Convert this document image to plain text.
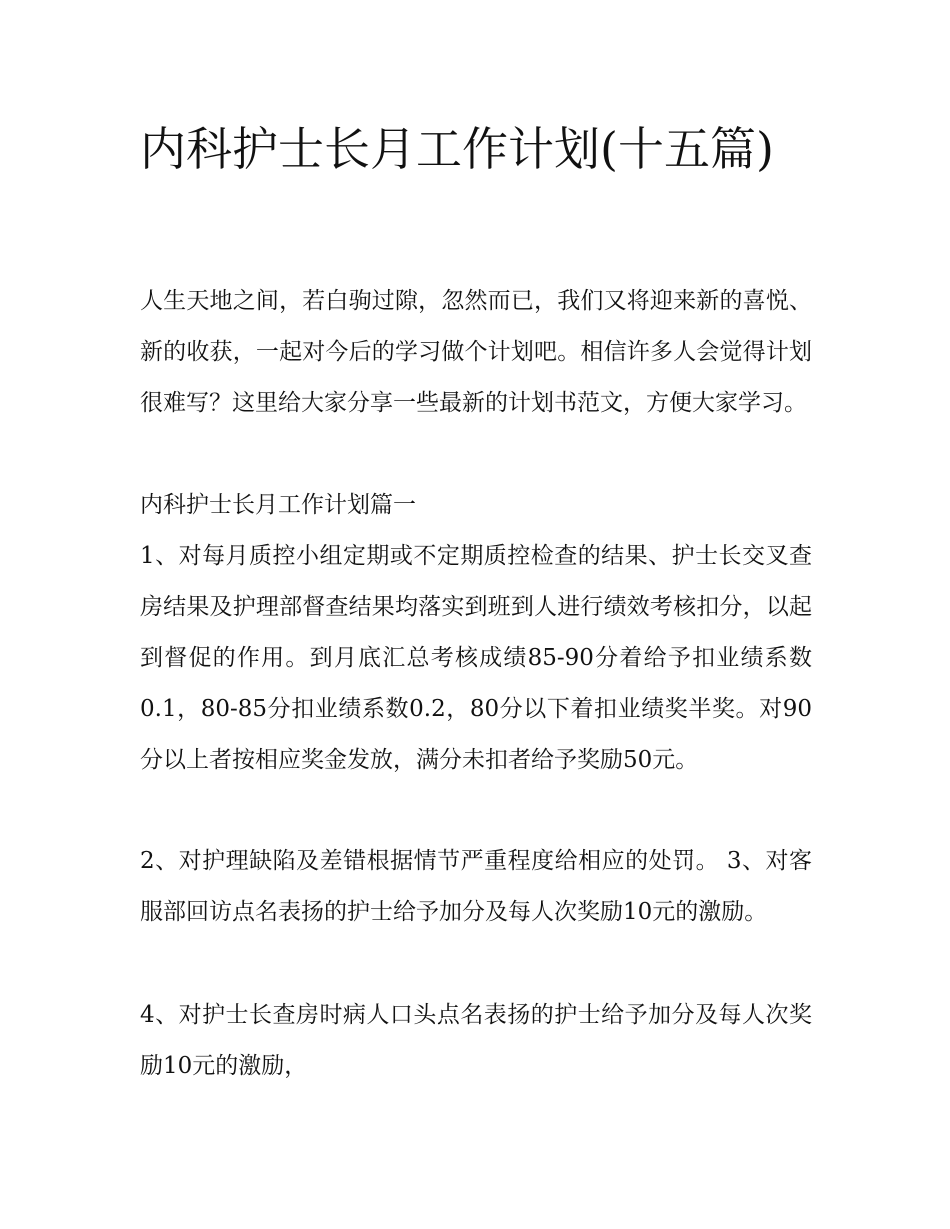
内科护士长月工作计划(十五篇)

人生天地之间，若白驹过隙，忽然而已，我们又将迎来新的喜悦、新的收获，一起对今后的学习做个计划吧。相信许多人会觉得计划很难写？这里给大家分享一些最新的计划书范文，方便大家学习。

内科护士长月工作计划篇一

1、对每月质控小组定期或不定期质控检查的结果、护士长交叉查房结果及护理部督查结果均落实到班到人进行绩效考核扣分，以起到督促的作用。到月底汇总考核成绩85-90分着给予扣业绩系数0.1，80-85分扣业绩系数0.2，80分以下着扣业绩奖半奖。对90分以上者按相应奖金发放，满分未扣者给予奖励50元。

2、对护理缺陷及差错根据情节严重程度给相应的处罚。 3、对客服部回访点名表扬的护士给予加分及每人次奖励10元的激励。

4、对护士长查房时病人口头点名表扬的护士给予加分及每人次奖励10元的激励，
